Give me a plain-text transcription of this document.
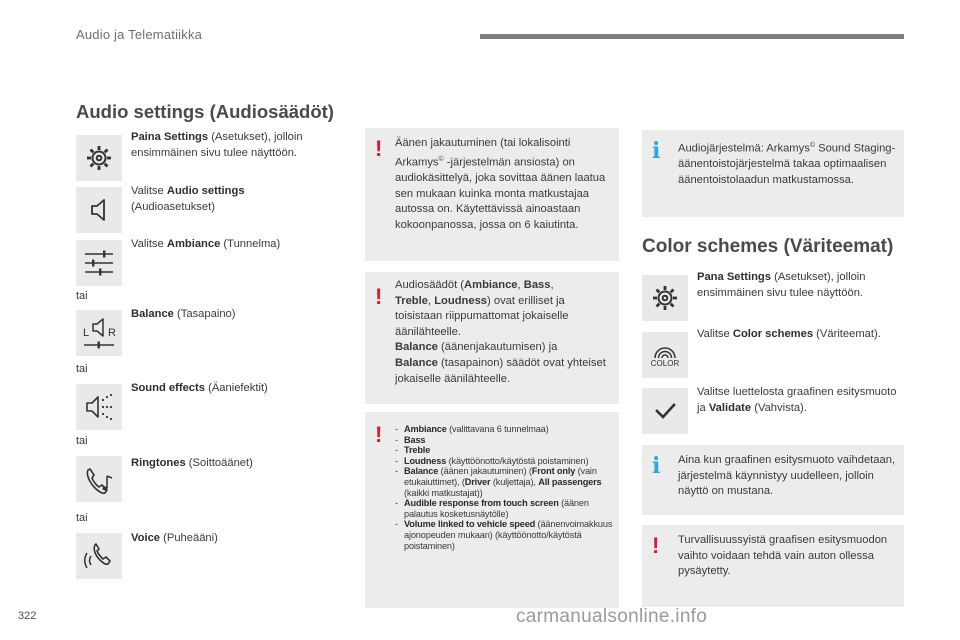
Audio ja Telematiikka
Audio settings (Audiosäädöt)
Paina Settings (Asetukset), jolloin ensimmäinen sivu tulee näyttöön.
Valitse Audio settings
(Audioasetukset)
Valitse Ambiance (Tunnelma)
tai
L R
Balance (Tasapaino)
tai
Sound effects (Äaniefektit)
tai
Ringtones (Soittoäänet)
tai
Voice (Puheääni)
! Äänen jakautuminen (tai lokalisointi Arkamys© -järjestelmän ansiosta) on audiokäsittelyä, joka sovittaa äänen laatua sen mukaan kuinka monta matkustajaa autossa on. Käytettävissä ainoastaan kokoonpanossa, jossa on 6 kaiutinta.
! Audiosäädöt (Ambiance, Bass,
Treble, Loudness) ovat erilliset ja toisistaan riippumattomat jokaiselle äänilähteelle.
Balance (äänenjakautumisen) ja
Balance (tasapainon) säädöt ovat yhteiset jokaiselle äänilähteelle.
!
-	Ambiance (valittavana 6 tunnelmaa)
- Bass
- Treble
- Loudness (käyttöönotto/käytöstä poistaminen)
- Balance (äänen jakautuminen) (Front only (vain etukaiuttimet), (Driver (kuljettaja), All passengers (kaikki matkustajat))
- Audible response from touch screen (äänen palautus kosketusnäytölle)
- Volume linked to vehicle speed (äänenvoimakkuus ajonopeuden mukaan) (käyttöönotto/käytöstä poistaminen)
i Audiojärjestelmä: Arkamys© Sound Staging-äänentoistojärjestelmä takaa optimaalisen äänentoistolaadun matkustamossa.
Color schemes (Väriteemat)
Pana Settings (Asetukset), jolloin ensimmäinen sivu tulee näyttöön.
COLOR
Valitse Color schemes (Väriteemat).
Valitse luettelosta graafinen esitysmuoto ja Validate (Vahvista).
i Aina kun graafinen esitysmuoto vaihdetaan, järjestelmä käynnistyy uudelleen, jolloin näyttö on mustana.
! Turvallisuussyistä graafisen esitysmuodon vaihto voidaan tehdä vain auton ollessa pysäytetty.
322	carmanualsonline.info
